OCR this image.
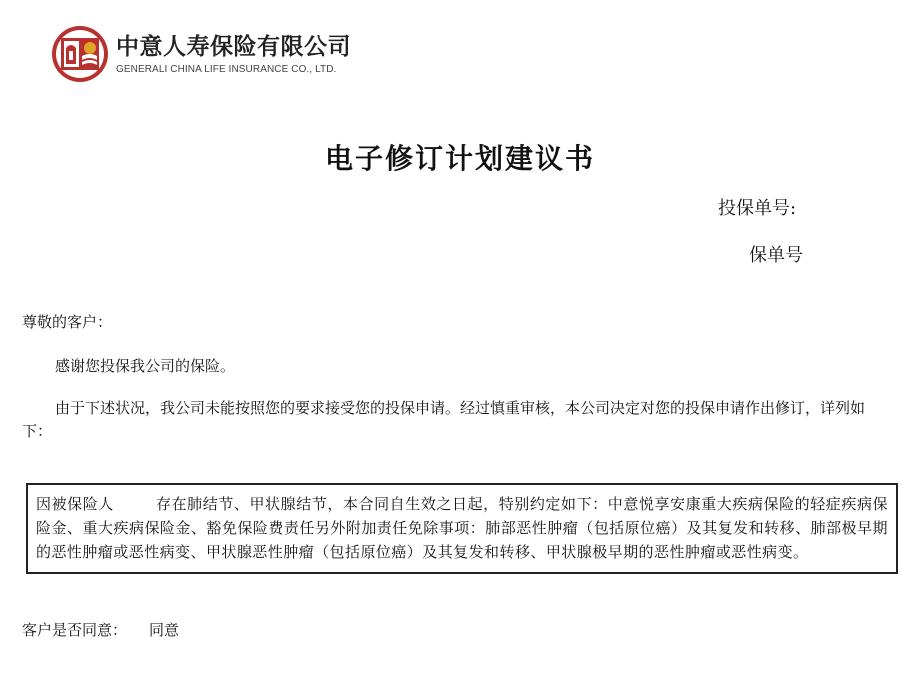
中意人寿保险有限公司
GENERALI CHINA LIFE INSURANCE CO., LTD.
电子修订计划建议书
投保单号:
保单号
尊敬的客户：
感谢您投保我公司的保险。
由于下述状况，我公司未能按照您的要求接受您的投保申请。经过慎重审核，本公司决定对您的投保申请作出修订，详列如下：
因被保险人	存在肺结节、甲状腺结节，本合同自生效之日起，特别约定如下：中意悦享安康重大疾病保险的轻症疾病保险金、重大疾病保险金、豁免保险费责任另外附加责任免除事项：肺部恶性肿瘤（包括原位癌）及其复发和转移、肺部极早期的恶性肿瘤或恶性病变、甲状腺恶性肿瘤（包括原位癌）及其复发和转移、甲状腺极早期的恶性肿瘤或恶性病变。
客户是否同意： 同意
